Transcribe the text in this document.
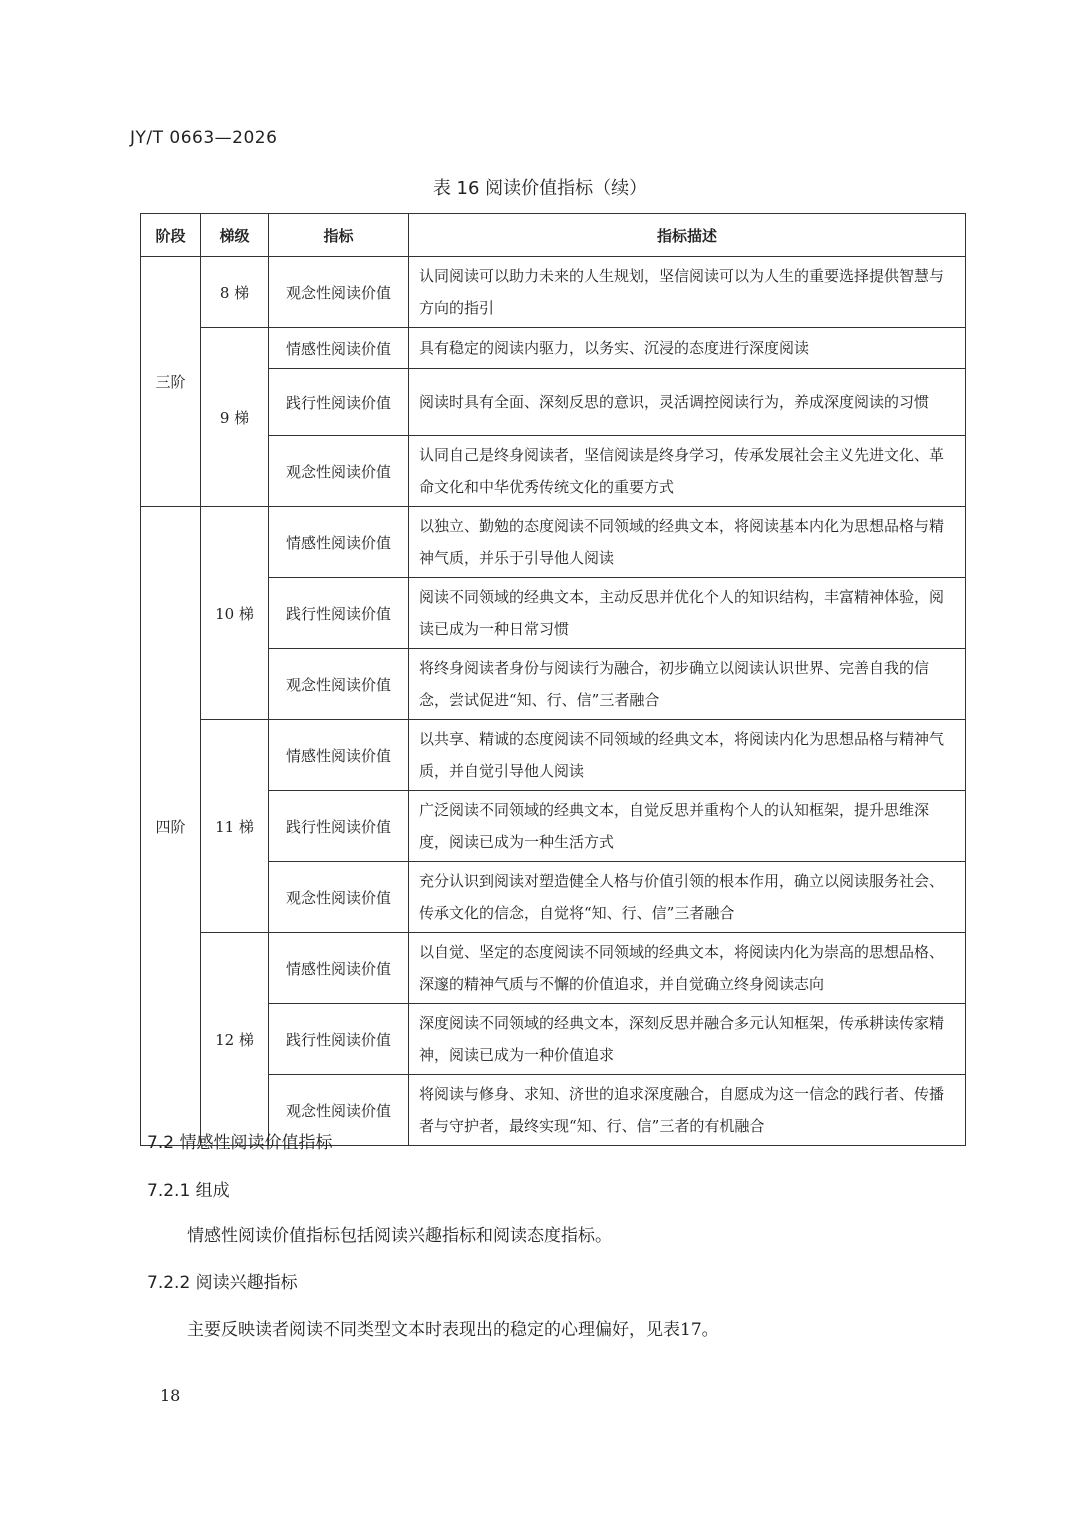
JY/T 0663—2026
表 16 阅读价值指标（续）
阶段	梯级	指标	指标描述
三阶	8 梯	观念性阅读价值	认同阅读可以助力未来的人生规划，坚信阅读可以为人生的重要选择提供智慧与方向的指引
	9 梯	情感性阅读价值	具有稳定的阅读内驱力，以务实、沉浸的态度进行深度阅读
		践行性阅读价值	阅读时具有全面、深刻反思的意识，灵活调控阅读行为，养成深度阅读的习惯
		观念性阅读价值	认同自己是终身阅读者，坚信阅读是终身学习，传承发展社会主义先进文化、革命文化和中华优秀传统文化的重要方式
四阶	10 梯	情感性阅读价值	以独立、勤勉的态度阅读不同领域的经典文本，将阅读基本内化为思想品格与精神气质，并乐于引导他人阅读
		践行性阅读价值	阅读不同领域的经典文本，主动反思并优化个人的知识结构，丰富精神体验，阅读已成为一种日常习惯
		观念性阅读价值	将终身阅读者身份与阅读行为融合，初步确立以阅读认识世界、完善自我的信念，尝试促进“知、行、信”三者融合
	11 梯	情感性阅读价值	以共享、精诚的态度阅读不同领域的经典文本，将阅读内化为思想品格与精神气质，并自觉引导他人阅读
		践行性阅读价值	广泛阅读不同领域的经典文本，自觉反思并重构个人的认知框架，提升思维深度，阅读已成为一种生活方式
		观念性阅读价值	充分认识到阅读对塑造健全人格与价值引领的根本作用，确立以阅读服务社会、传承文化的信念，自觉将“知、行、信”三者融合
	12 梯	情感性阅读价值	以自觉、坚定的态度阅读不同领域的经典文本，将阅读内化为崇高的思想品格、深邃的精神气质与不懈的价值追求，并自觉确立终身阅读志向
		践行性阅读价值	深度阅读不同领域的经典文本，深刻反思并融合多元认知框架，传承耕读传家精神，阅读已成为一种价值追求
		观念性阅读价值	将阅读与修身、求知、济世的追求深度融合，自愿成为这一信念的践行者、传播者与守护者，最终实现“知、行、信”三者的有机融合
7.2 情感性阅读价值指标
7.2.1 组成
情感性阅读价值指标包括阅读兴趣指标和阅读态度指标。
7.2.2 阅读兴趣指标
主要反映读者阅读不同类型文本时表现出的稳定的心理偏好，见表17。
18
